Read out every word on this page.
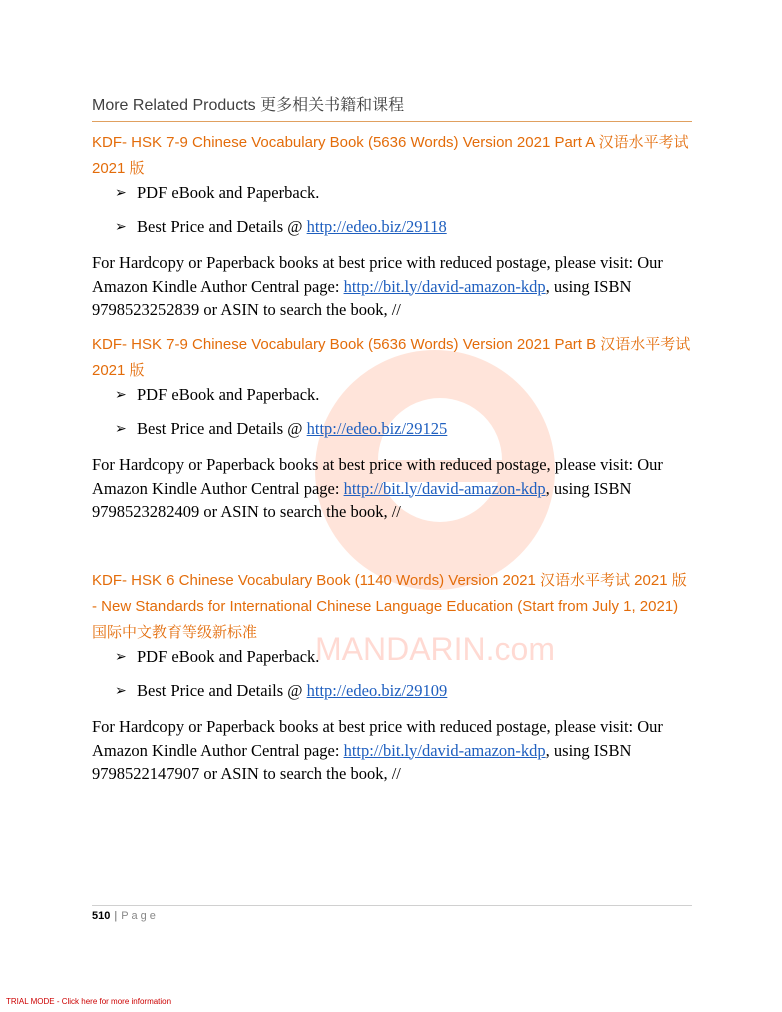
MANDARIN.com
More Related Products 更多相关书籍和课程
KDF- HSK 7-9 Chinese Vocabulary Book (5636 Words) Version 2021 Part A 汉语水平考试 2021 版
➢ PDF eBook and Paperback.
➢ Best Price and Details @ http://edeo.biz/29118
For Hardcopy or Paperback books at best price with reduced postage, please visit: Our Amazon Kindle Author Central page: http://bit.ly/david-amazon-kdp, using ISBN 9798523252839 or ASIN to search the book, //
KDF- HSK 7-9 Chinese Vocabulary Book (5636 Words) Version 2021 Part B 汉语水平考试 2021 版
➢ PDF eBook and Paperback.
➢ Best Price and Details @ http://edeo.biz/29125
For Hardcopy or Paperback books at best price with reduced postage, please visit: Our Amazon Kindle Author Central page: http://bit.ly/david-amazon-kdp, using ISBN 9798523282409 or ASIN to search the book, //
KDF- HSK 6 Chinese Vocabulary Book (1140 Words) Version 2021 汉语水平考试 2021 版 - New Standards for International Chinese Language Education (Start from July 1, 2021) 国际中文教育等级新标准
➢ PDF eBook and Paperback.
➢ Best Price and Details @ http://edeo.biz/29109
For Hardcopy or Paperback books at best price with reduced postage, please visit: Our Amazon Kindle Author Central page: http://bit.ly/david-amazon-kdp, using ISBN 9798522147907 or ASIN to search the book, //
510 | Page
TRIAL MODE - Click here for more information
